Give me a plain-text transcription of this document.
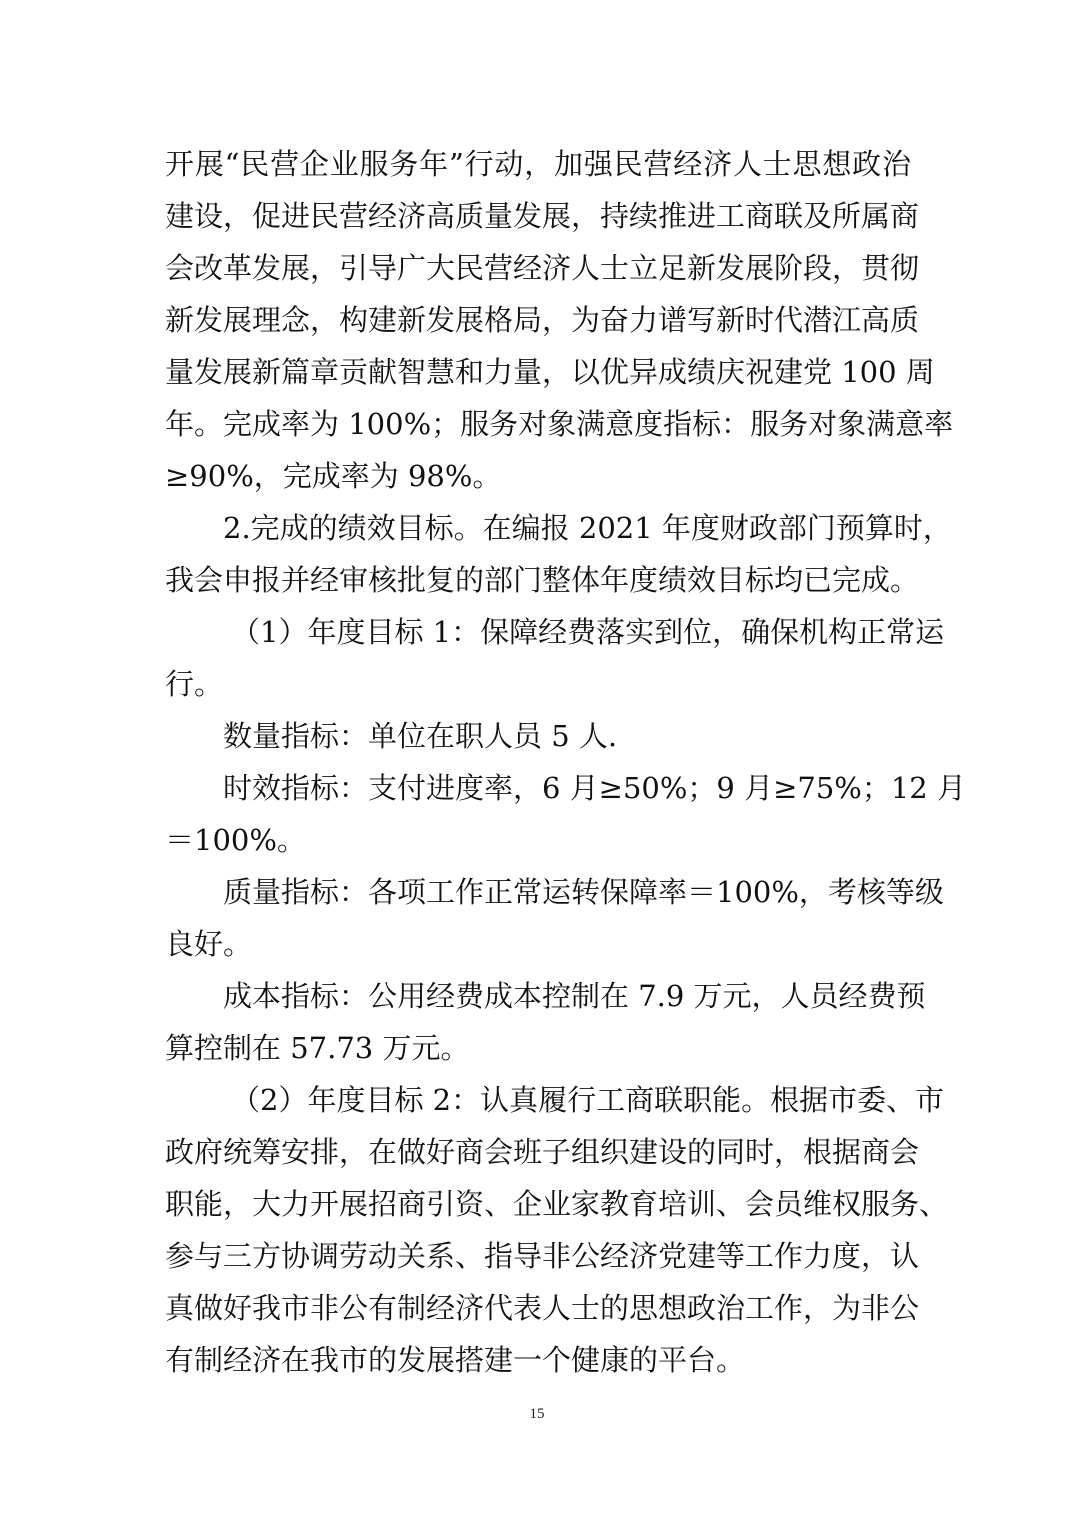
开展“民营企业服务年”行动，加强民营经济人士思想政治
建设，促进民营经济高质量发展，持续推进工商联及所属商
会改革发展，引导广大民营经济人士立足新发展阶段，贯彻
新发展理念，构建新发展格局，为奋力谱写新时代潜江高质
量发展新篇章贡献智慧和力量，以优异成绩庆祝建党 100 周
年。完成率为 100%；服务对象满意度指标：服务对象满意率
≥90%，完成率为 98%。
2.完成的绩效目标。在编报 2021 年度财政部门预算时，
我会申报并经审核批复的部门整体年度绩效目标均已完成。
（1）年度目标 1：保障经费落实到位，确保机构正常运
行。
数量指标：单位在职人员 5 人.
时效指标：支付进度率，6 月≥50%；9 月≥75%；12 月
＝100%。
质量指标：各项工作正常运转保障率＝100%，考核等级
良好。
成本指标：公用经费成本控制在 7.9 万元，人员经费预
算控制在 57.73 万元。
（2）年度目标 2：认真履行工商联职能。根据市委、市
政府统筹安排，在做好商会班子组织建设的同时，根据商会
职能，大力开展招商引资、企业家教育培训、会员维权服务、
参与三方协调劳动关系、指导非公经济党建等工作力度，认
真做好我市非公有制经济代表人士的思想政治工作，为非公
有制经济在我市的发展搭建一个健康的平台。
15
